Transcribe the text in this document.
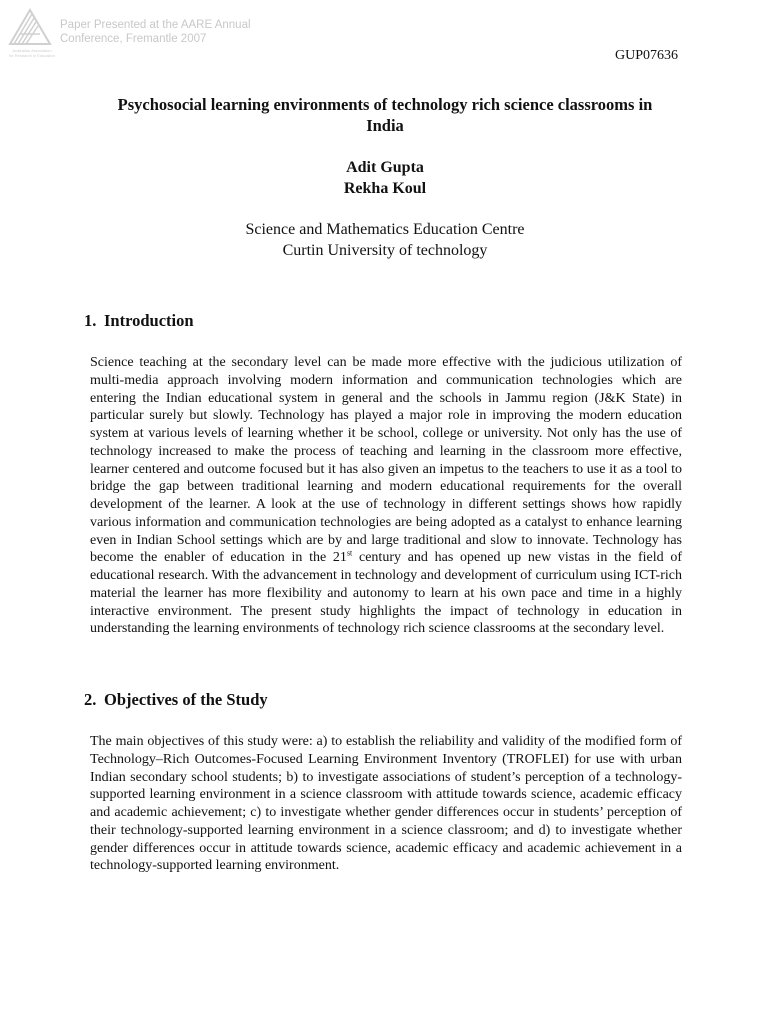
Australian Association
for Research in Education
Paper Presented at the AARE Annual
Conference, Fremantle 2007
GUP07636
Psychosocial learning environments of technology rich science classrooms in
India
Adit Gupta
Rekha Koul
Science and Mathematics Education Centre
Curtin University of technology
1. Introduction

Science teaching at the secondary level can be made more effective with the judicious utilization of multi-media approach involving modern information and communication technologies which are entering the Indian educational system in general and the schools in Jammu region (J&K State) in particular surely but slowly. Technology has played a major role in improving the modern education system at various levels of learning whether it be school, college or university. Not only has the use of technology increased to make the process of teaching and learning in the classroom more effective, learner centered and outcome focused but it has also given an impetus to the teachers to use it as a tool to bridge the gap between traditional learning and modern educational requirements for the overall development of the learner. A look at the use of technology in different settings shows how rapidly various information and communication technologies are being adopted as a catalyst to enhance learning even in Indian School settings which are by and large traditional and slow to innovate. Technology has become the enabler of education in the 21st century and has opened up new vistas in the field of educational research. With the advancement in technology and development of curriculum using ICT-rich material the learner has more flexibility and autonomy to learn at his own pace and time in a highly interactive environment. The present study highlights the impact of technology in education in understanding the learning environments of technology rich science classrooms at the secondary level.

2. Objectives of the Study

The main objectives of this study were: a) to establish the reliability and validity of the modified form of Technology–Rich Outcomes-Focused Learning Environment Inventory (TROFLEI) for use with urban Indian secondary school students; b) to investigate associations of student’s perception of a technology-supported learning environment in a science classroom with attitude towards science, academic efficacy and academic achievement; c) to investigate whether gender differences occur in students’ perception of their technology-supported learning environment in a science classroom; and d) to investigate whether gender differences occur in attitude towards science, academic efficacy and academic achievement in a technology-supported learning environment.
